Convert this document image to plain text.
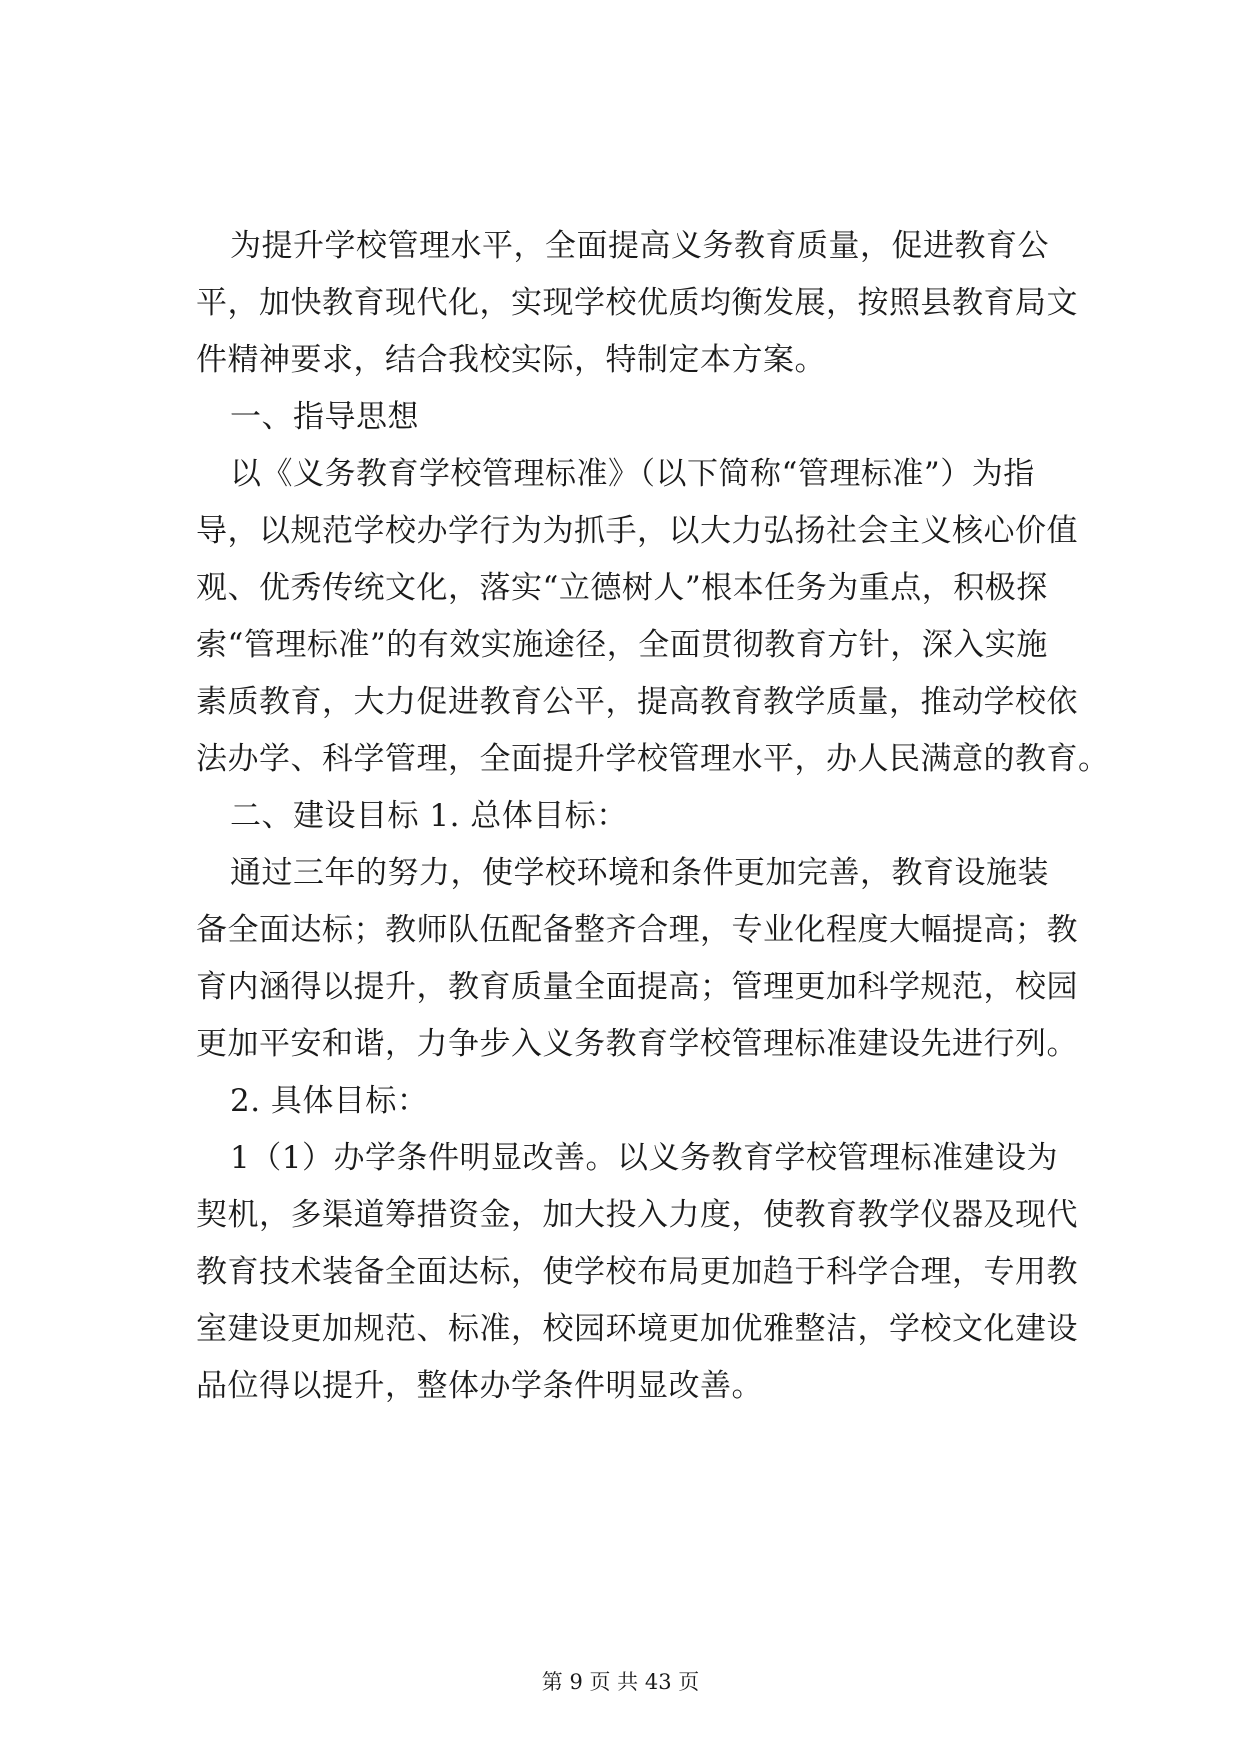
为提升学校管理水平，全面提高义务教育质量，促进教育公
平，加快教育现代化，实现学校优质均衡发展，按照县教育局文
件精神要求，结合我校实际，特制定本方案。
一、指导思想
以《义务教育学校管理标准》（以下简称“管理标准”）为指
导，以规范学校办学行为为抓手，以大力弘扬社会主义核心价值
观、优秀传统文化，落实“立德树人”根本任务为重点，积极探
索“管理标准”的有效实施途径，全面贯彻教育方针，深入实施
素质教育，大力促进教育公平，提高教育教学质量，推动学校依
法办学、科学管理，全面提升学校管理水平，办人民满意的教育。
二、建设目标 1. 总体目标：
通过三年的努力，使学校环境和条件更加完善，教育设施装
备全面达标；教师队伍配备整齐合理，专业化程度大幅提高；教
育内涵得以提升，教育质量全面提高；管理更加科学规范，校园
更加平安和谐，力争步入义务教育学校管理标准建设先进行列。
2. 具体目标：
1（1）办学条件明显改善。以义务教育学校管理标准建设为
契机，多渠道筹措资金，加大投入力度，使教育教学仪器及现代
教育技术装备全面达标，使学校布局更加趋于科学合理，专用教
室建设更加规范、标准，校园环境更加优雅整洁，学校文化建设
品位得以提升，整体办学条件明显改善。
第 9 页 共 43 页
